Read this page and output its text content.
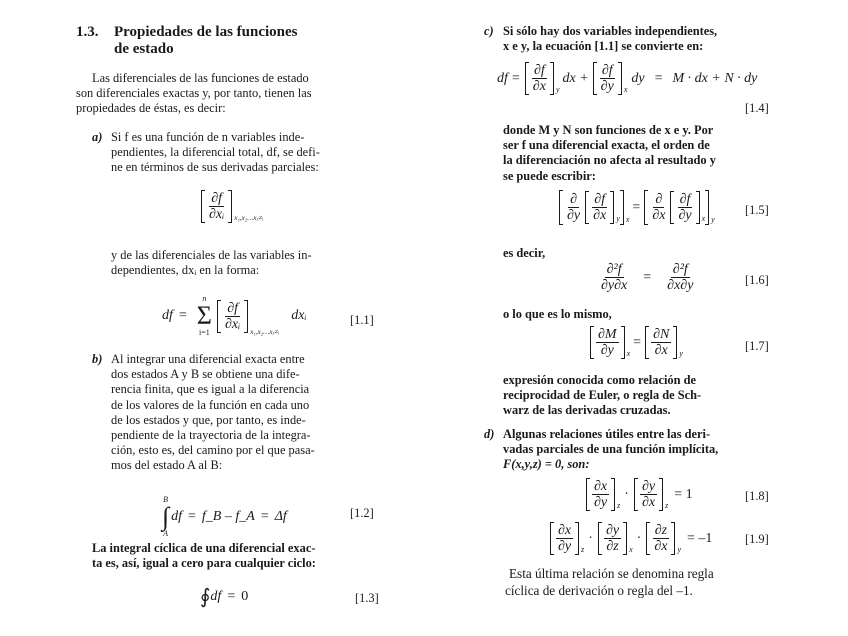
1.3. Propiedades de las funciones
de estado
Las diferenciales de las funciones de estado
son diferenciales exactas y, por tanto, tienen las
propiedades de éstas, es decir:
a) Si f es una función de n variables inde-
pendientes, la diferencial total, df, se defi-
ne en términos de sus derivadas parciales:
$\frac{\partial f}{\text{∂xᵢ}}$ x₁,x₂…xⱼ≠ᵢ
y de las diferenciales de las variables in-
dependientes, dxᵢ en la forma:
df =
n
Σ
i=1
$\frac{\partial f}{\text{∂xᵢ}}$
x₁,x₂…xⱼ≠ᵢ
dxᵢ	[1.1]
b) Al integrar una diferencial exacta entre
dos estados A y B se obtiene una dife-
rencia finita, que es igual a la diferencia
de los valores de la función en cada uno
de los estados y que, por tanto, es inde-
pendiente de la trayectoria de la integra-
ción, esto es, del camino por el que pasa-
mos del estado A al B:
B
∫
A
df = f_B – f_A = Δf	[1.2]
La integral cíclica de una diferencial exac-
ta es, así, igual a cero para cualquier ciclo:
∮ df = 0	[1.3]
c) Si sólo hay dos variables independientes,
x e y, la ecuación [1.1] se convierte en:
df = $\frac{\partial f}{\partial x}$ y
dx + $\frac{\partial f}{\partial y}$ x
dy = M · dx + N · dy
[1.4]
donde M y N son funciones de x e y. Por
ser f una diferencial exacta, el orden de
la diferenciación no afecta al resultado y
se puede escribir:
$\frac{\partial}{\partial y} \frac{\partial f}{\partial x}$ y x
= $\frac{\partial}{\partial x} \frac{\partial f}{\partial y}$ x y
[1.5]
es decir,
$\frac{\text{∂²f}}{\partial y\partial x} = \frac{\text{∂²f}}{\partial x\partial y}$	[1.6]
o lo que es lo mismo,
$\frac{\partial M}{\partial y}$ x
= $\frac{\partial N}{\partial x}$ y
[1.7]
expresión conocida como relación de
reciprocidad de Euler, o regla de Sch-
warz de las derivadas cruzadas.
d) Algunas relaciones útiles entre las deri-
vadas parciales de una función implícita,
F(x,y,z) = 0, son:
$\frac{\partial x}{\partial y}$ z
· $\frac{\partial y}{\partial x}$ z
= 1	[1.8]
$\frac{\partial x}{\partial y}$ z
· $\frac{\partial y}{\partial z}$ x
· $\frac{\partial z}{\partial x}$ y
= –1	[1.9]
Esta última relación se denomina regla
cíclica de derivación o regla del –1.
